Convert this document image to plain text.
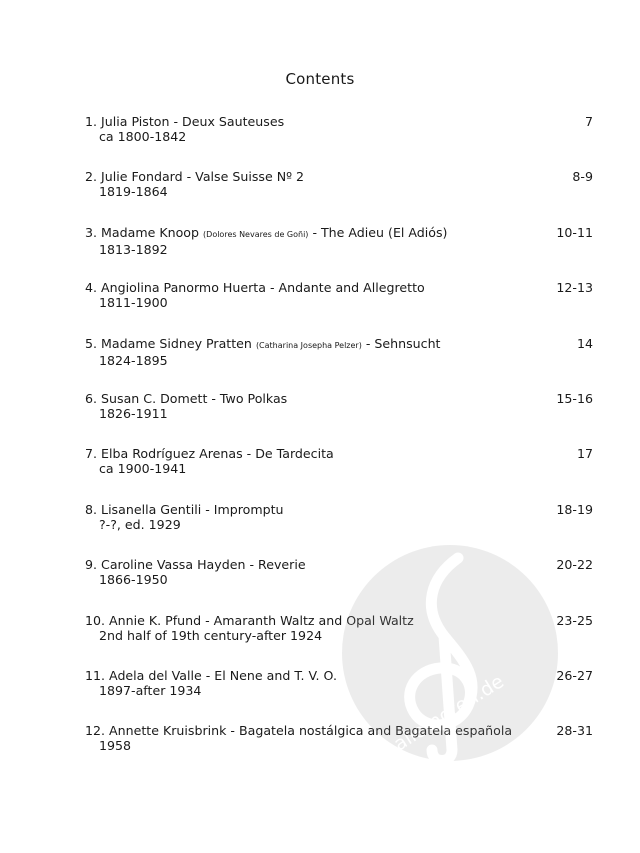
Contents
1. Julia Piston - Deux Sauteuses
ca 1800-1842
7
2. Julie Fondard - Valse Suisse Nº 2
1819-1864
8-9
3. Madame Knoop (Dolores Nevares de Goñi) - The Adieu (El Adiós)
1813-1892
10-11
4. Angiolina Panormo Huerta - Andante and Allegretto
1811-1900
12-13
5. Madame Sidney Pratten (Catharina Josepha Pelzer) - Sehnsucht
1824-1895
14
6. Susan C. Domett - Two Polkas
1826-1911
15-16
7. Elba Rodríguez Arenas - De Tardecita
ca 1900-1941
17
8. Lisanella Gentili - Impromptu
?-?, ed. 1929
18-19
9. Caroline Vassa Hayden - Reverie
1866-1950
20-22
10. Annie K. Pfund - Amaranth Waltz and Opal Waltz
2nd half of 19th century-after 1924
23-25
11. Adela del Valle - El Nene and T. V. O.
1897-after 1934
26-27
12. Annette Kruisbrink - Bagatela nostálgica and Bagatela española
1958
28-31
alle-noten.de
